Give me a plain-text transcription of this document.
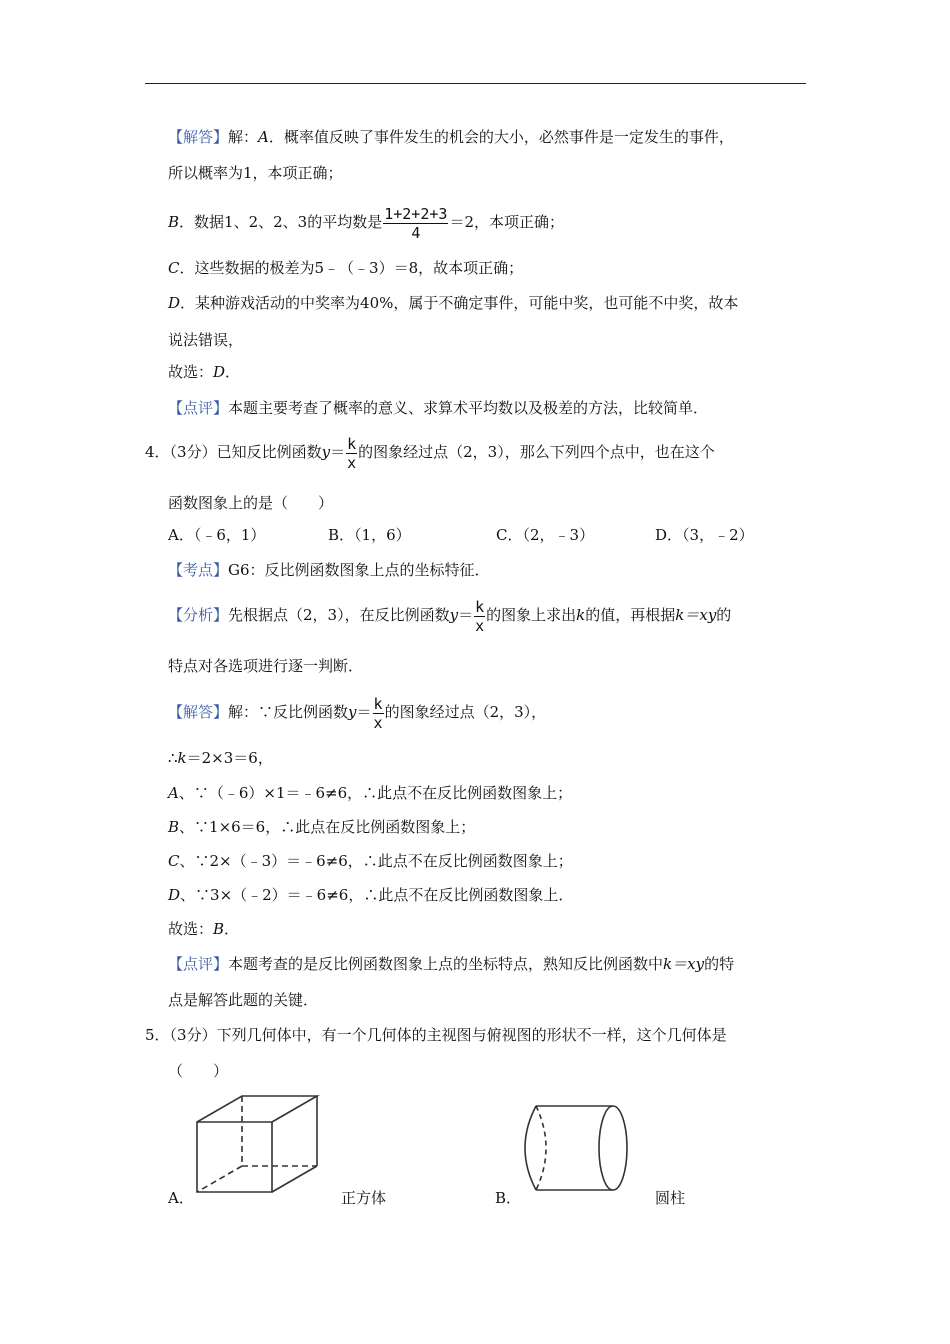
【解答】解：A．概率值反映了事件发生的机会的大小，必然事件是一定发生的事件，
所以概率为1，本项正确；
B．数据1、2、2、3的平均数是 $\frac{1+2+2+3}{4} =2$，本项正确；
C．这些数据的极差为5﹣（﹣3）＝8，故本项正确；
D．某种游戏活动的中奖率为40%，属于不确定事件，可能中奖，也可能不中奖，故本
说法错误，
故选：D．
【点评】本题主要考查了概率的意义、求算术平均数以及极差的方法，比较简单．
4．（3分）已知反比例函数$y= \frac{k}{x}$ 的图象经过点（2，3），那么下列四个点中，也在这个
函数图象上的是（　　）
A．（﹣6，1）	B．（1，6）	C．（2，﹣3）	D．（3，﹣2）
【考点】G6：反比例函数图象上点的坐标特征．
【分析】先根据点（2，3），在反比例函数$y= \frac{k}{x}$ 的图象上求出k的值，再根据k＝xy的
特点对各选项进行逐一判断．
【解答】解：∵反比例函数$y= \frac{k}{x}$ 的图象经过点（2，3），
∴k＝2×3＝6，
A、∵（﹣6）×1＝﹣6≠6，∴此点不在反比例函数图象上；
B、∵1×6＝6，∴此点在反比例函数图象上；
C、∵2×（﹣3）＝﹣6≠6，∴此点不在反比例函数图象上；
D、∵3×（﹣2）＝﹣6≠6，∴此点不在反比例函数图象上．
故选：B．
【点评】本题考查的是反比例函数图象上点的坐标特点，熟知反比例函数中k＝xy的特
点是解答此题的关键．
5．（3分）下列几何体中，有一个几何体的主视图与俯视图的形状不一样，这个几何体是
（　　）
A．	正方体	B．	圆柱
